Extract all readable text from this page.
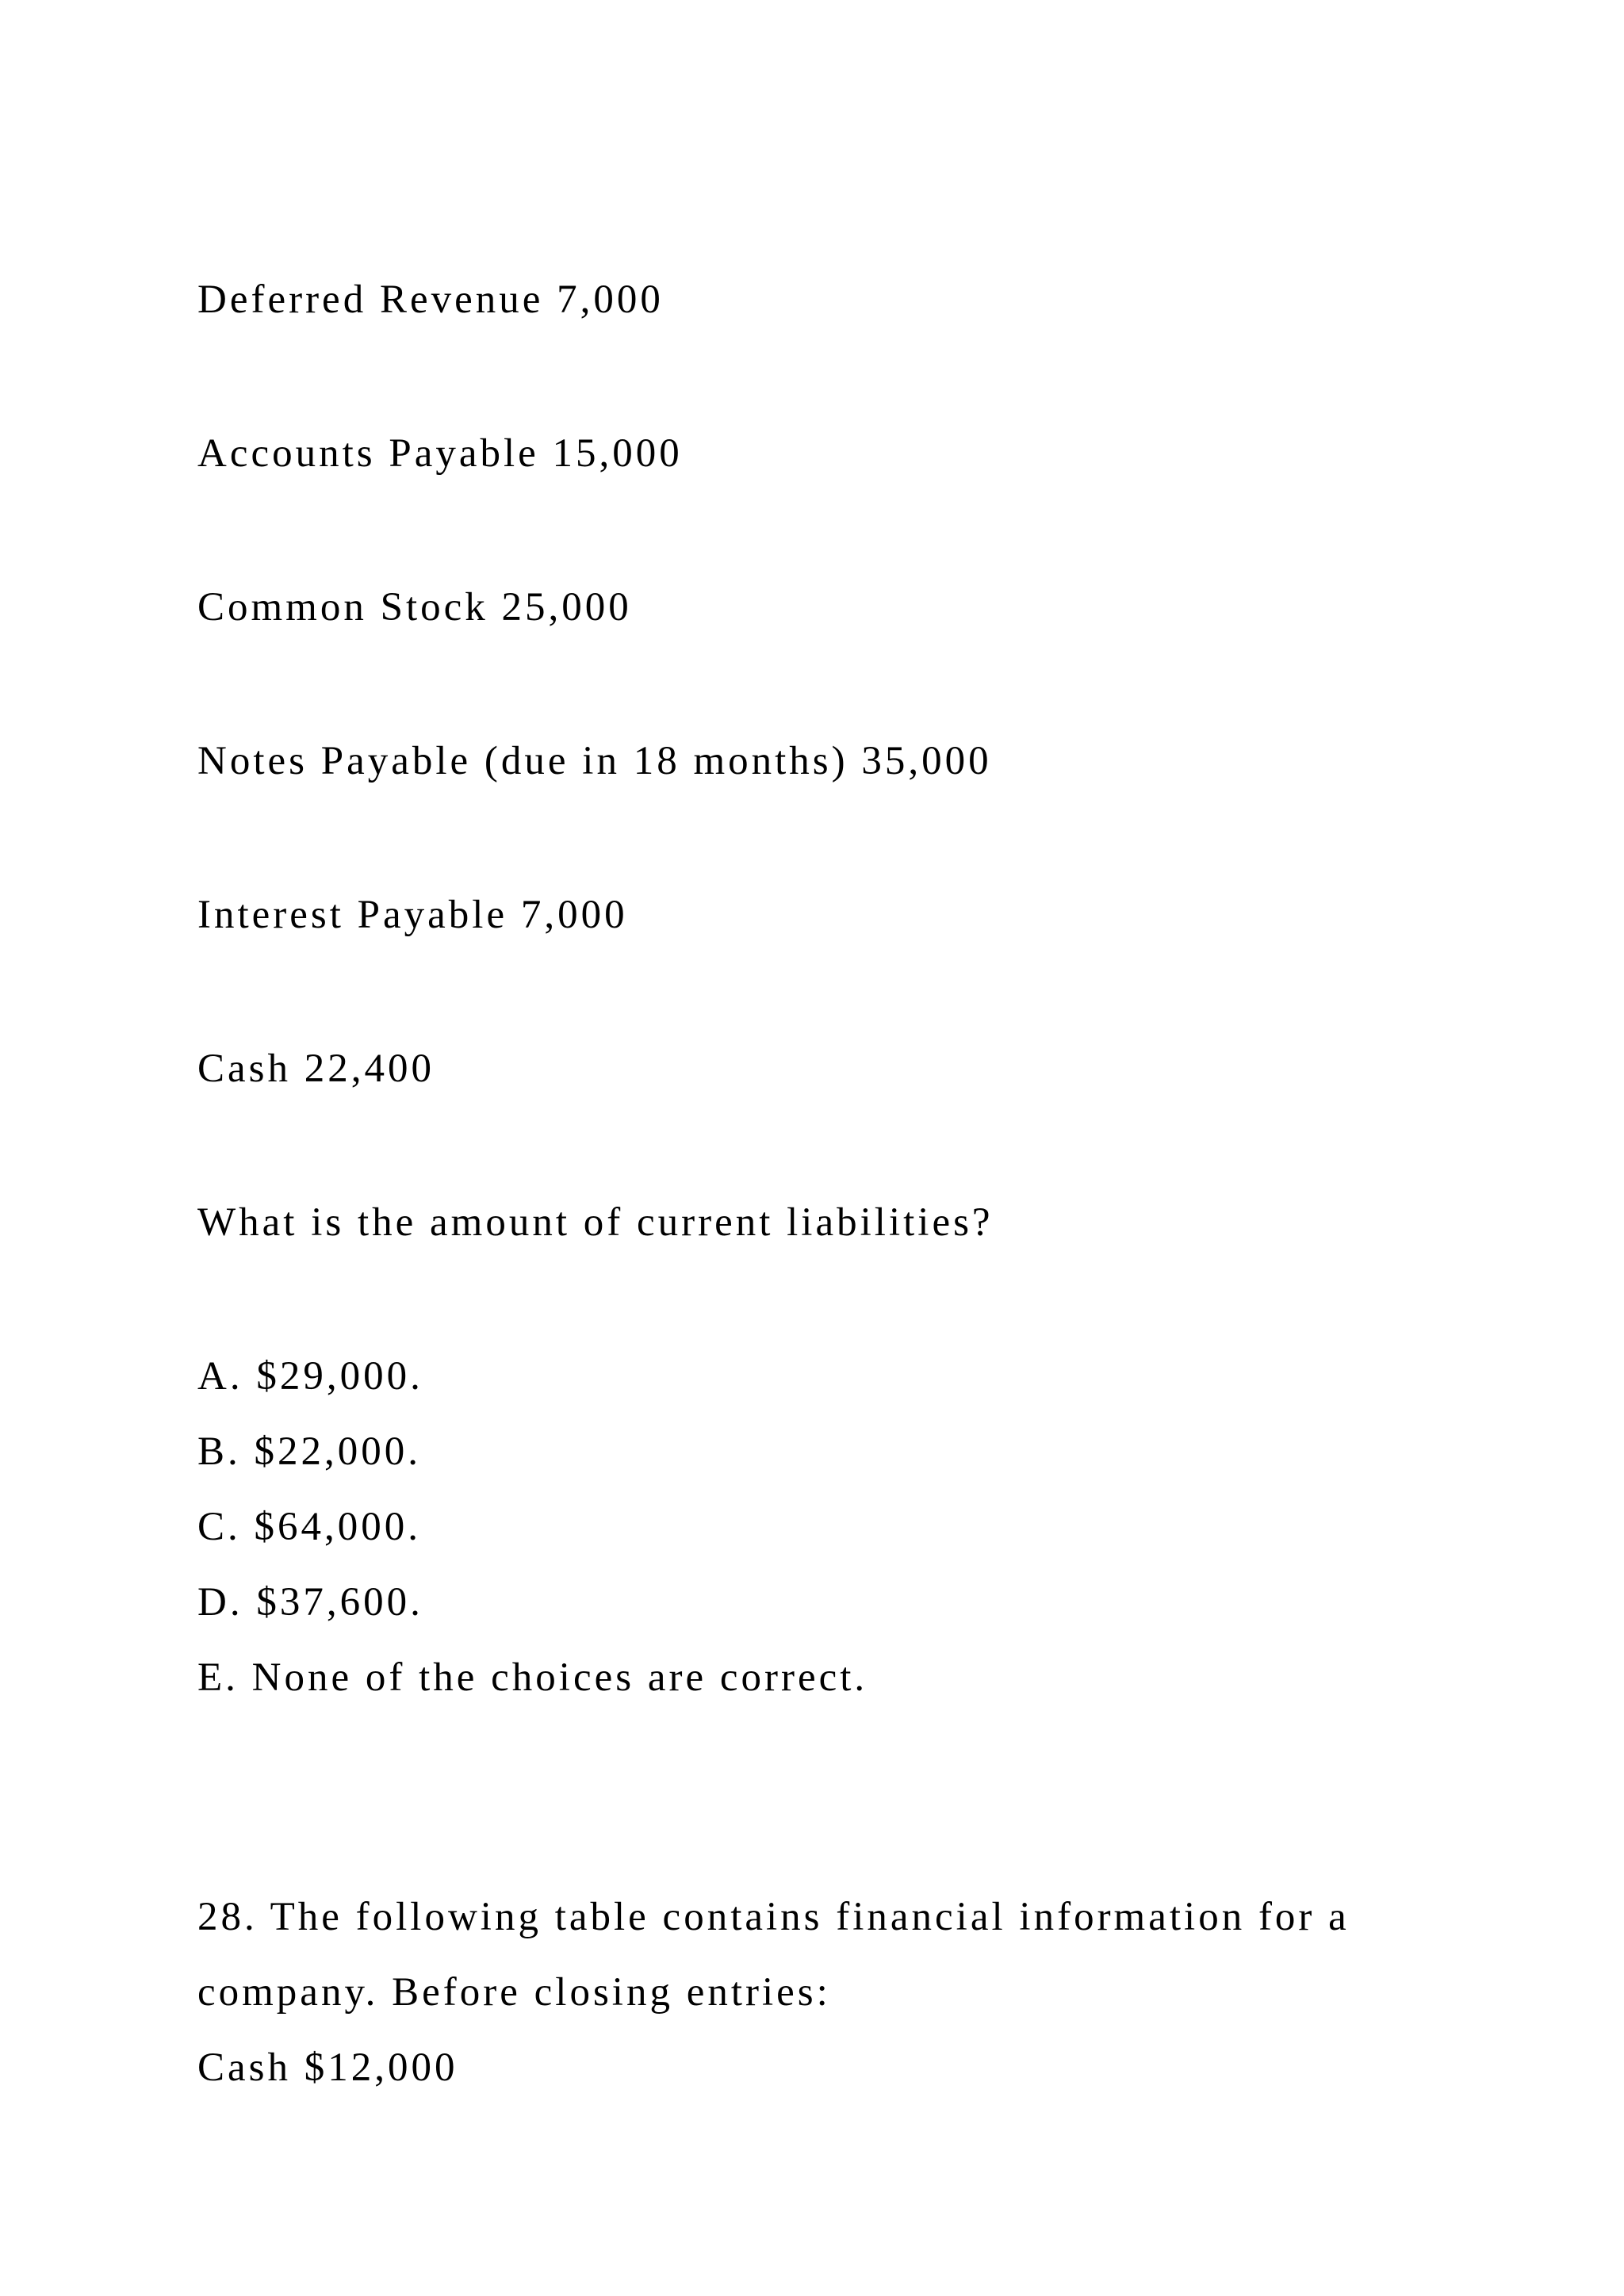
Deferred Revenue 7,000
Accounts Payable 15,000
Common Stock 25,000
Notes Payable (due in 18 months) 35,000
Interest Payable 7,000
Cash 22,400
What is the amount of current liabilities?
A. $29,000.
B. $22,000.
C. $64,000.
D. $37,600.
E. None of the choices are correct.
28. The following table contains financial information for a
company. Before closing entries:
Cash $12,000
